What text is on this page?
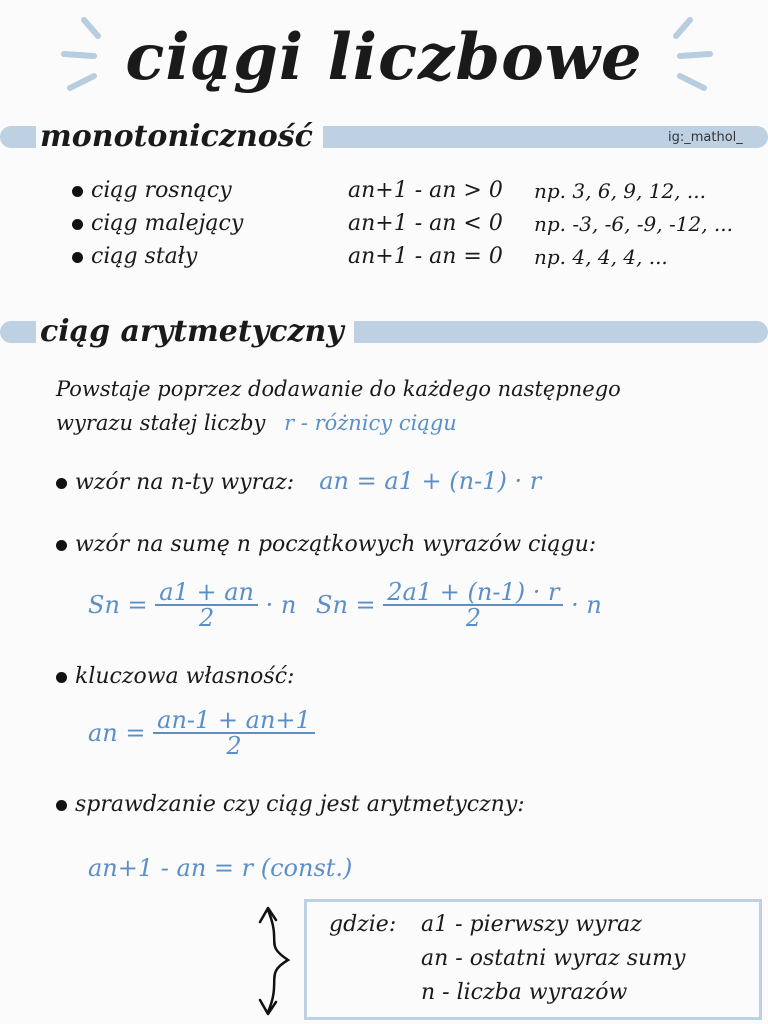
ciągi liczbowe
monotoniczność	ig:_mathol_
ciąg rosnący	an+1 - an > 0 np. 3, 6, 9, 12, ...
ciąg malejący	an+1 - an < 0 np. -3, -6, -9, -12, ...
ciąg stały	an+1 - an = 0 np. 4, 4, 4, ...
ciąg arytmetyczny
Powstaje poprzez dodawanie do każdego następnego
wyrazu stałej liczby r - różnicy ciągu
wzór na n-ty wyraz: an = a1 + (n-1) · r
wzór na sumę n początkowych wyrazów ciągu:
$Sn = \frac{a1 + an}{2} \cdot n$ $Sn = \frac{2a1 + (n-1) \cdot r}{2} \cdot n$
kluczowa własność:
an = $\frac{an-1 + an+1}{2}$
sprawdzanie czy ciąg jest arytmetyczny:
an+1 - an = r (const.)
gdzie: a1 - pierwszy wyraz
an - ostatni wyraz sumy
n - liczba wyrazów
